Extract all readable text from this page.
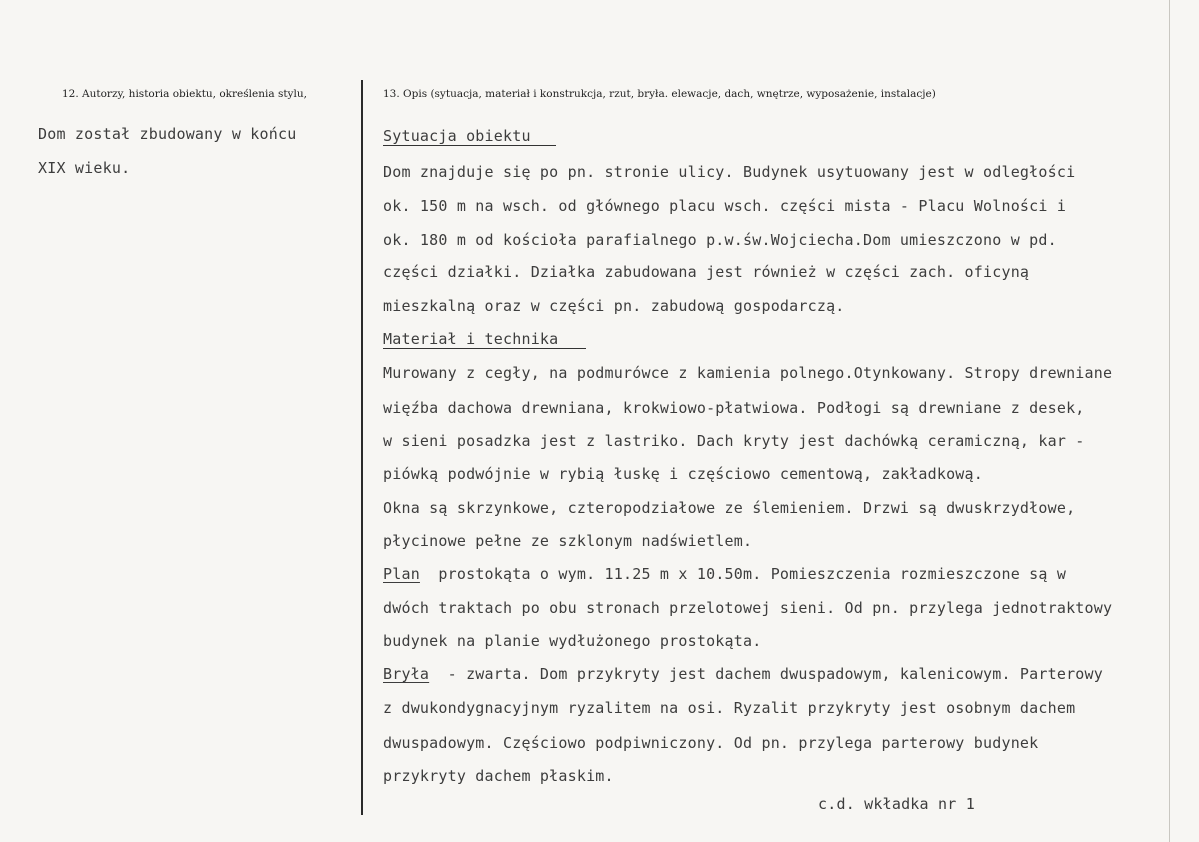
12. Autorzy, historia obiektu, określenia stylu,	13. Opis (sytuacja, materiał i konstrukcja, rzut, bryła. elewacje, dach, wnętrze, wyposażenie, instalacje)
Dom został zbudowany w końcu
XIX wieku.
Sytuacja obiektu
Dom znajduje się po pn. stronie ulicy. Budynek usytuowany jest w odległości
ok. 150 m na wsch. od głównego placu wsch. części mista - Placu Wolności i
ok. 180 m od kościoła parafialnego p.w.św.Wojciecha.Dom umieszczono w pd.
części działki. Działka zabudowana jest również w części zach. oficyną
mieszkalną oraz w części pn. zabudową gospodarczą.
Materiał i technika
Murowany z cegły, na podmurówce z kamienia polnego.Otynkowany. Stropy drewniane
więźba dachowa drewniana, krokwiowo-płatwiowa. Podłogi są drewniane z desek,
w sieni posadzka jest z lastriko. Dach kryty jest dachówką ceramiczną, kar -
piówką podwójnie w rybią łuskę i częściowo cementową, zakładkową.
Okna są skrzynkowe, czteropodziałowe ze ślemieniem. Drzwi są dwuskrzydłowe,
płycinowe pełne ze szklonym nadświetlem.
Plan  prostokąta o wym. 11.25 m x 10.50m. Pomieszczenia rozmieszczone są w
dwóch traktach po obu stronach przelotowej sieni. Od pn. przylega jednotraktowy
budynek na planie wydłużonego prostokąta.
Bryła  - zwarta. Dom przykryty jest dachem dwuspadowym, kalenicowym. Parterowy
z dwukondygnacyjnym ryzalitem na osi. Ryzalit przykryty jest osobnym dachem
dwuspadowym. Częściowo podpiwniczony. Od pn. przylega parterowy budynek
przykryty dachem płaskim.
c.d. wkładka nr 1
